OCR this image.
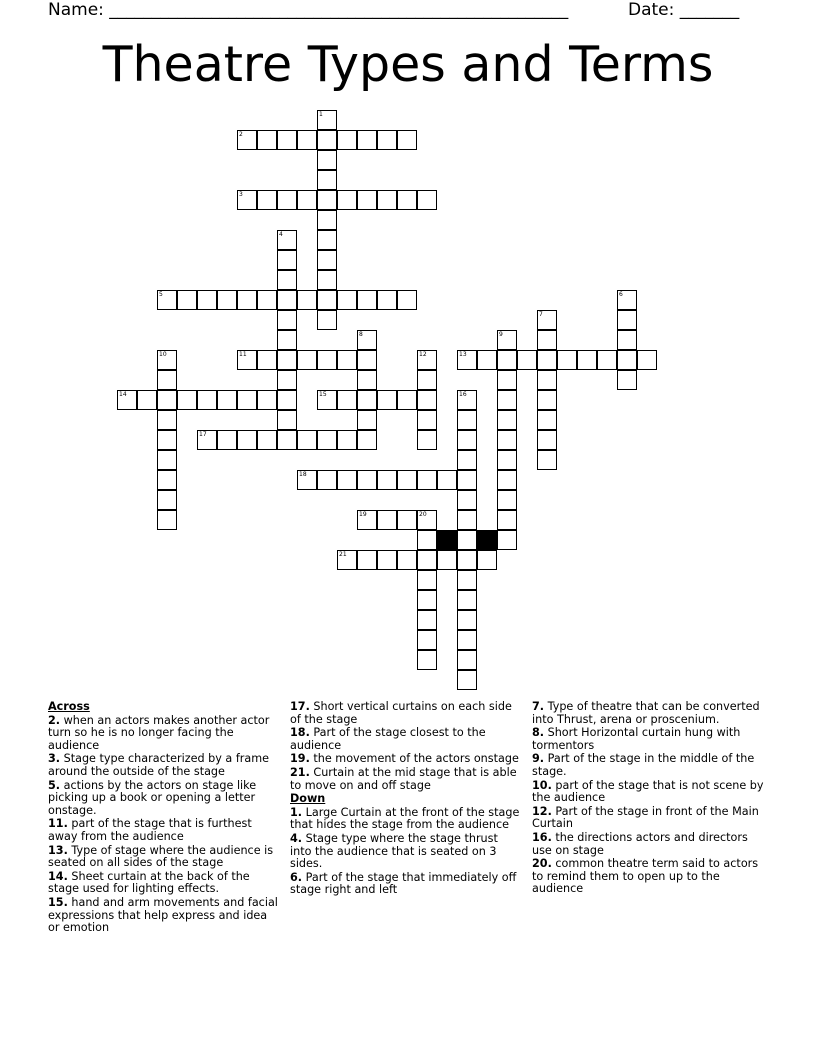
Name: ______________________________________________________	Date: _______
Theatre Types and Terms
1
2
3
4
5	6
7
8	9
10	11	12	13
14	15	16
17
18
19	20
21
Across
2. when an actors makes another actor turn so he is no longer facing the audience
3. Stage type characterized by a frame around the outside of the stage
5. actions by the actors on stage like picking up a book or opening a letter onstage.
11. part of the stage that is furthest away from the audience
13. Type of stage where the audience is seated on all sides of the stage
14. Sheet curtain at the back of the stage used for lighting effects.
15. hand and arm movements and facial expressions that help express and idea or emotion
17. Short vertical curtains on each side of the stage
18. Part of the stage closest to the audience
19. the movement of the actors onstage
21. Curtain at the mid stage that is able to move on and off stage
Down
1. Large Curtain at the front of the stage that hides the stage from the audience
4. Stage type where the stage thrust into the audience that is seated on 3 sides.
6. Part of the stage that immediately off stage right and left
7. Type of theatre that can be converted into Thrust, arena or proscenium.
8. Short Horizontal curtain hung with tormentors
9. Part of the stage in the middle of the stage.
10. part of the stage that is not scene by the audience
12. Part of the stage in front of the Main Curtain
16. the directions actors and directors use on stage
20. common theatre term said to actors to remind them to open up to the audience
